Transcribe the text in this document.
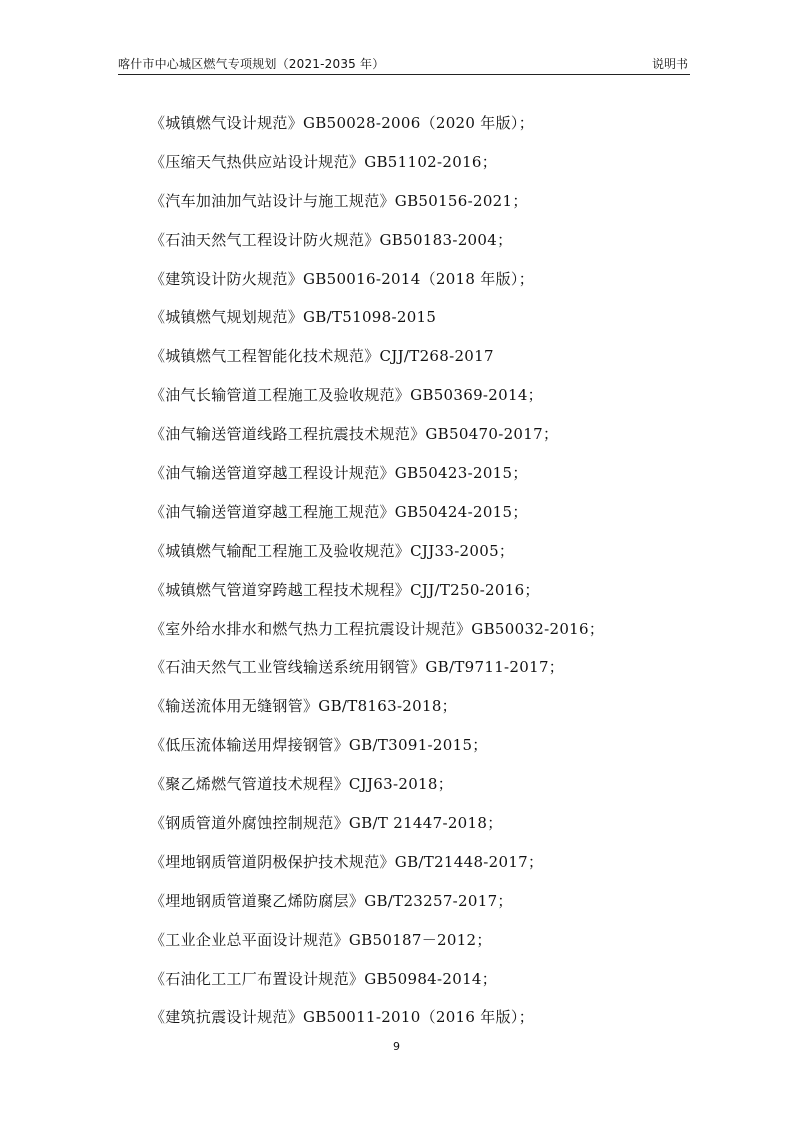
喀什市中心城区燃气专项规划（2021-2035 年）	说明书
《城镇燃气设计规范》GB50028-2006（2020 年版）；
《压缩天气热供应站设计规范》GB51102-2016；
《汽车加油加气站设计与施工规范》GB50156-2021；
《石油天然气工程设计防火规范》GB50183-2004；
《建筑设计防火规范》GB50016-2014（2018 年版）；
《城镇燃气规划规范》GB/T51098-2015
《城镇燃气工程智能化技术规范》CJJ/T268-2017
《油气长输管道工程施工及验收规范》GB50369-2014；
《油气输送管道线路工程抗震技术规范》GB50470-2017；
《油气输送管道穿越工程设计规范》GB50423-2015；
《油气输送管道穿越工程施工规范》GB50424-2015；
《城镇燃气输配工程施工及验收规范》CJJ33-2005；
《城镇燃气管道穿跨越工程技术规程》CJJ/T250-2016；
《室外给水排水和燃气热力工程抗震设计规范》GB50032-2016；
《石油天然气工业管线输送系统用钢管》GB/T9711-2017；
《输送流体用无缝钢管》GB/T8163-2018；
《低压流体输送用焊接钢管》GB/T3091-2015；
《聚乙烯燃气管道技术规程》CJJ63-2018；
《钢质管道外腐蚀控制规范》GB/T 21447-2018；
《埋地钢质管道阴极保护技术规范》GB/T21448-2017；
《埋地钢质管道聚乙烯防腐层》GB/T23257-2017；
《工业企业总平面设计规范》GB50187－2012；
《石油化工工厂布置设计规范》GB50984-2014；
《建筑抗震设计规范》GB50011-2010（2016 年版）；
9
